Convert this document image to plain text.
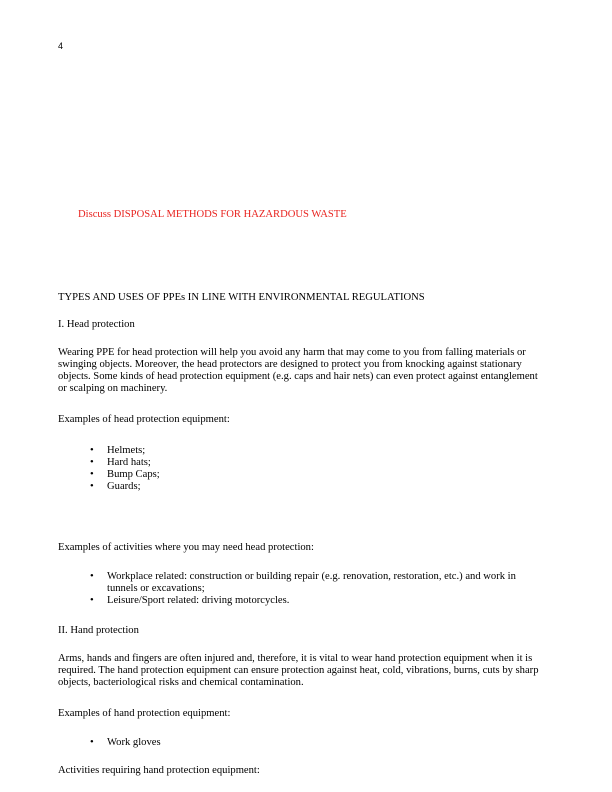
4
Discuss DISPOSAL METHODS FOR HAZARDOUS WASTE
TYPES AND USES OF PPEs IN LINE WITH ENVIRONMENTAL REGULATIONS
I. Head protection
Wearing PPE for head protection will help you avoid any harm that may come to you from falling materials or swinging objects. Moreover, the head protectors are designed to protect you from knocking against stationary objects. Some kinds of head protection equipment (e.g. caps and hair nets) can even protect against entanglement or scalping on machinery.
Examples of head protection equipment:
• Helmets;
• Hard hats;
• Bump Caps;
• Guards;
Examples of activities where you may need head protection:
• Workplace related: construction or building repair (e.g. renovation, restoration, etc.) and work in tunnels or excavations;
• Leisure/Sport related: driving motorcycles.
II. Hand protection
Arms, hands and fingers are often injured and, therefore, it is vital to wear hand protection equipment when it is required. The hand protection equipment can ensure protection against heat, cold, vibrations, burns, cuts by sharp objects, bacteriological risks and chemical contamination.
Examples of hand protection equipment:
• Work gloves
Activities requiring hand protection equipment:
